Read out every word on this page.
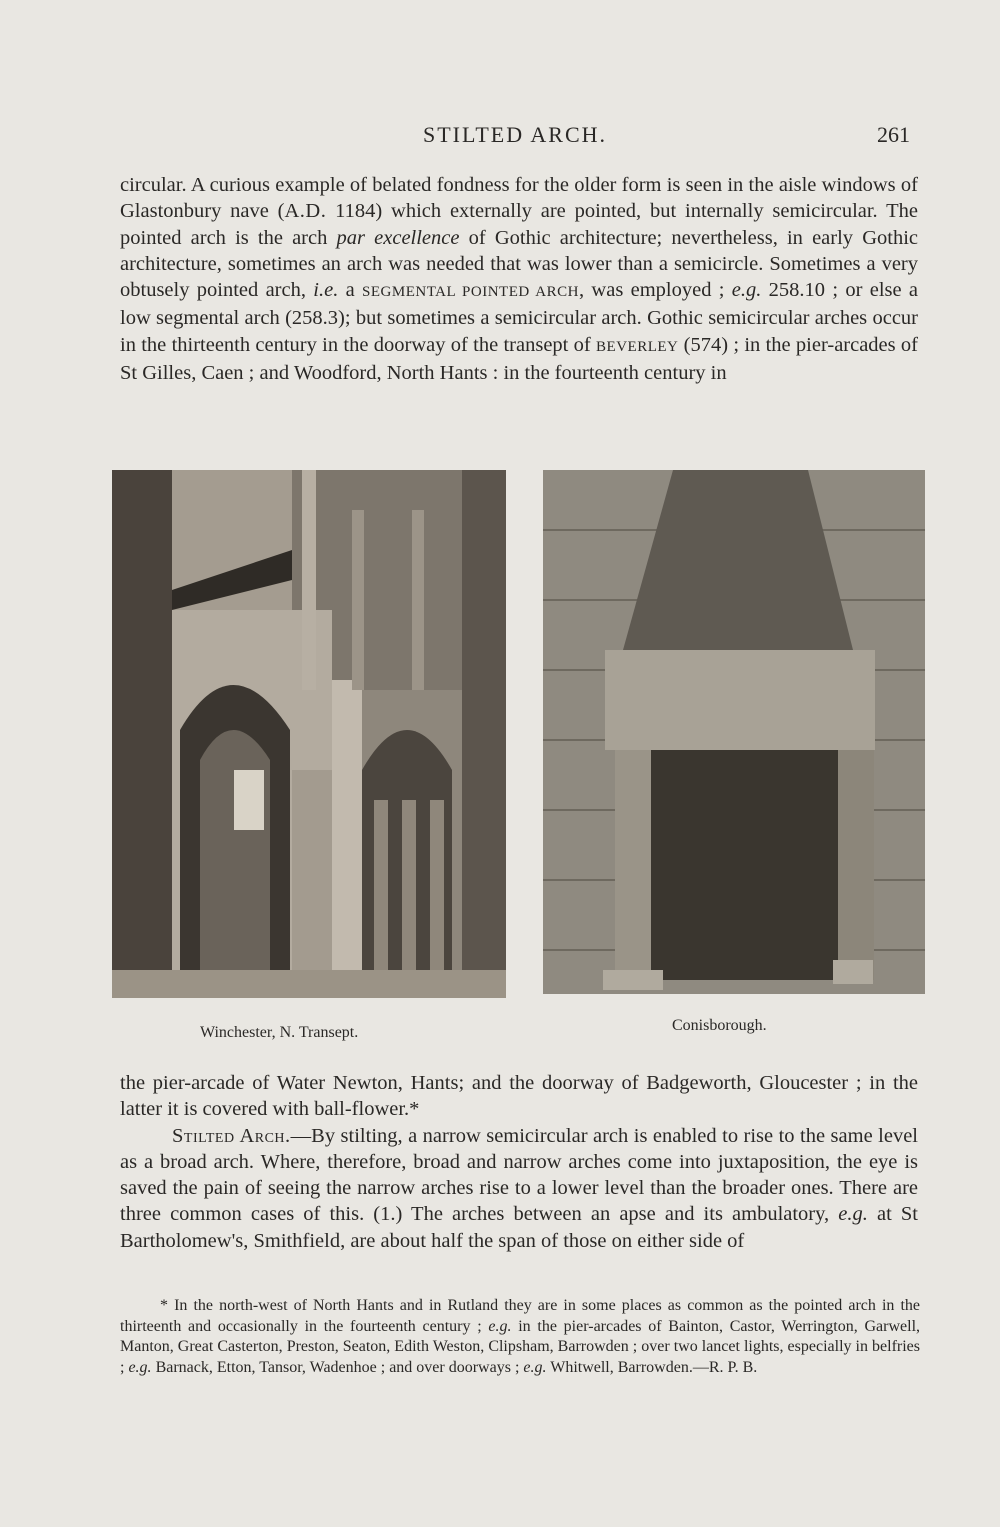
STILTED ARCH.	261

circular. A curious example of belated fondness for the older form is seen in the aisle windows of Glastonbury nave (A.D. 1184) which externally are pointed, but internally semicircular. The pointed arch is the arch par excellence of Gothic architecture; nevertheless, in early Gothic architecture, sometimes an arch was needed that was lower than a semicircle. Sometimes a very obtusely pointed arch, i.e. a SEGMENTAL POINTED ARCH, was employed ; e.g. 258.10 ; or else a low segmental arch (258.3); but sometimes a semicircular arch. Gothic semicircular arches occur in the thirteenth century in the doorway of the transept of BEVERLEY (574) ; in the pier-arcades of St Gilles, Caen ; and Woodford, North Hants : in the fourteenth century in

Winchester, N. Transept.	Conisborough.

the pier-arcade of Water Newton, Hants; and the doorway of Badgeworth, Gloucester ; in the latter it is covered with ball-flower.*

Stilted Arch.—By stilting, a narrow semicircular arch is enabled to rise to the same level as a broad arch. Where, therefore, broad and narrow arches come into juxtaposition, the eye is saved the pain of seeing the narrow arches rise to a lower level than the broader ones. There are three common cases of this. (1.) The arches between an apse and its ambulatory, e.g. at St Bartholomew's, Smithfield, are about half the span of those on either side of

* In the north-west of North Hants and in Rutland they are in some places as common as the pointed arch in the thirteenth and occasionally in the fourteenth century ; e.g. in the pier-arcades of Bainton, Castor, Werrington, Garwell, Manton, Great Casterton, Preston, Seaton, Edith Weston, Clipsham, Barrowden ; over two lancet lights, especially in belfries ; e.g. Barnack, Etton, Tansor, Wadenhoe ; and over doorways ; e.g. Whitwell, Barrowden.—R. P. B.
